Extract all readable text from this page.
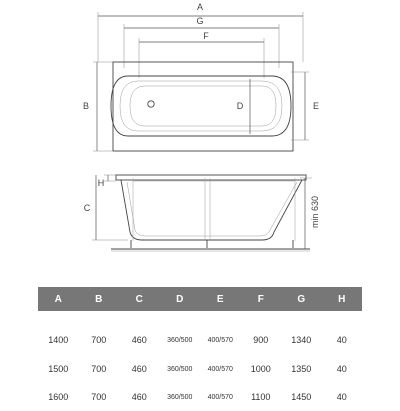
A
G
F
B	D	E
H
C	min 630
A	B	C	D	E	F	G	H
1400	700	460	360/500	400/570	900	1340	40
1500	700	460	360/500	400/570	1000	1350	40
1600	700	460	360/500	400/570	1100	1450	40
